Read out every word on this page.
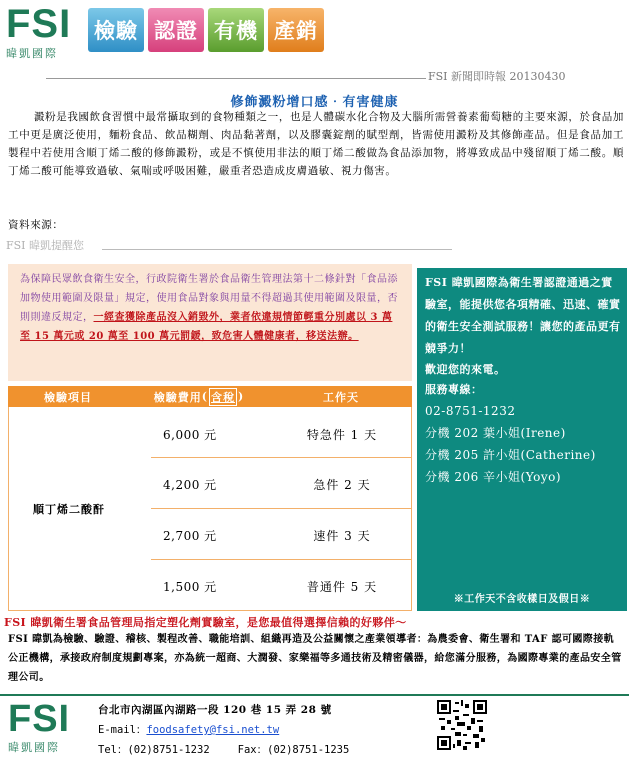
FSI
暐凱國際
檢驗 認證 有機 產銷
FSI 新聞即時報 20130430
修飾澱粉增口感‧有害健康
澱粉是我國飲食習慣中最常攝取到的食物種類之一，也是人體碳水化合物及大腦所需營養素葡萄糖的主要來源，於食品加工中更是廣泛使用，麵粉食品、飲品糊劑、肉品黏著劑，以及膠囊錠劑的賦型劑，皆需使用澱粉及其修飾產品。但是食品加工製程中若使用含順丁烯二酸的修飾澱粉，或是不慎使用非法的順丁烯二酸做為食品添加物，將導致成品中殘留順丁烯二酸。順丁烯二酸可能導致過敏、氣喘或呼吸困難，嚴重者恐造成皮膚過敏、視力傷害。
資料來源：
FSI 暐凱提醒您
為保障民眾飲食衛生安全，行政院衛生署於食品衛生管理法第十二條針對「食品添加物使用範圍及限量」規定，使用食品對象與用量不得超過其使用範圍及限量，否則則違反規定，一經查獲除產品沒入銷毀外，業者依違規情節輕重分別處以 3 萬至 15 萬元或 20 萬至 100 萬元罰鍰，致危害人體健康者，移送法辦。
FSI 暐凱國際為衛生署認證通過之實驗室，能提供您各項精確、迅速、確實的衛生安全測試服務！讓您的產品更有競爭力！
歡迎您的來電。
服務專線：
02-8751-1232
分機 202 葉小姐(Irene)
分機 205 許小姐(Catherine)
分機 206 辛小姐(Yoyo)
※工作天不含收樣日及假日※
檢驗項目	檢驗費用 ( 含稅 )	工作天
順丁烯二酸酐
6,000 元	特急件 1 天
4,200 元	急件 2 天
2,700 元	速件 3 天
1,500 元	普通件 5 天
FSI 暐凱衛生署食品管理局指定塑化劑實驗室，是您最值得選擇信賴的好夥伴～
FSI 暐凱為檢驗、驗證、稽核、製程改善、職能培訓、組織再造及公益關懷之產業領導者：為農委會、衛生署和 TAF 認可國際接軌公正機構，承接政府制度規劃專案，亦為統一超商、大潤發、家樂福等多通技術及精密儀器，給您滿分服務，為國際專業的產品安全管理公司。
FSI
暐凱國際
台北市內湖區內湖路一段 120 巷 15 弄 28 號
E-mail：foodsafety@fsi.net.tw
Tel：(02)8751-1232	Fax：(02)8751-1235
